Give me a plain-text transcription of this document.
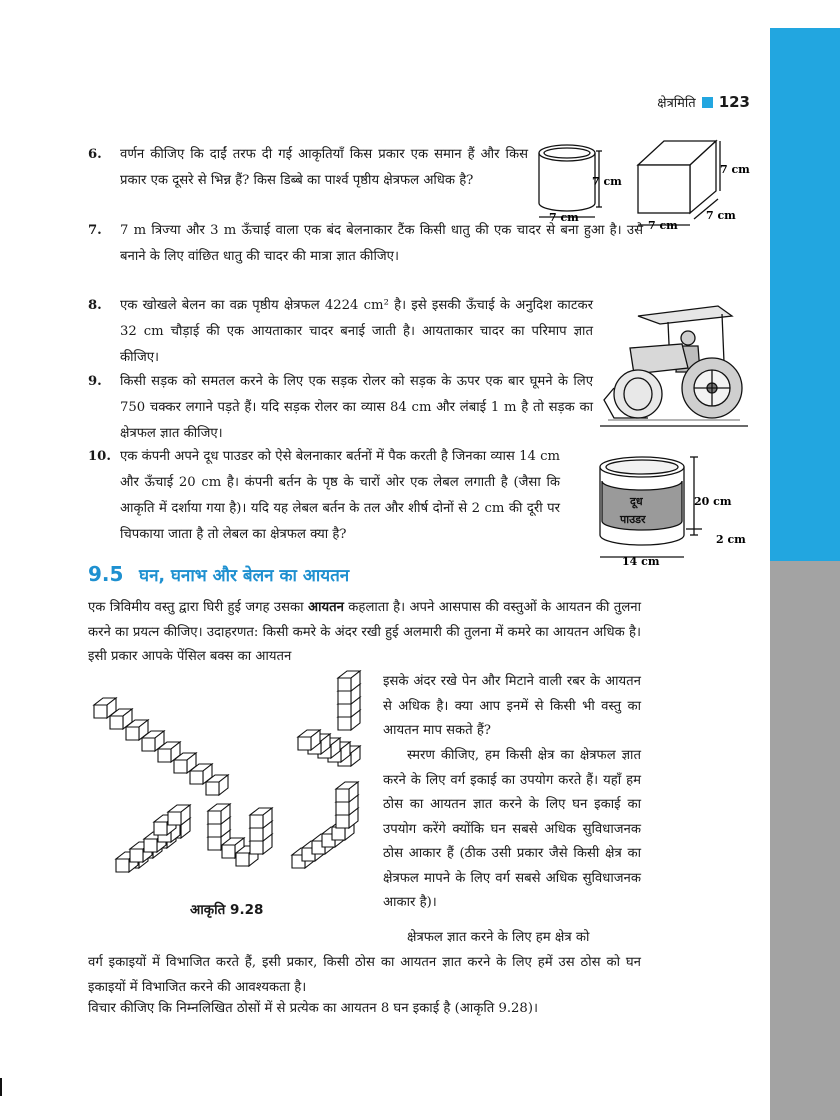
क्षेत्रमिति 123
6.	वर्णन कीजिए कि दाईं तरफ दी गई आकृतियाँ किस प्रकार एक समान हैं और किस प्रकार एक दूसरे से भिन्न हैं? किस डिब्बे का पार्श्व पृष्ठीय क्षेत्रफल अधिक है?
7.	7 m त्रिज्या और 3 m ऊँचाई वाला एक बंद बेलनाकार टैंक किसी धातु की एक चादर से बना हुआ है। उसे बनाने के लिए वांछित धातु की चादर की मात्रा ज्ञात कीजिए।
8.	एक खोखले बेलन का वक्र पृष्ठीय क्षेत्रफल 4224 cm² है। इसे इसकी ऊँचाई के अनुदिश काटकर 32 cm चौड़ाई की एक आयताकार चादर बनाई जाती है। आयताकार चादर का परिमाप ज्ञात कीजिए।
9.	किसी सड़क को समतल करने के लिए एक सड़क रोलर को सड़क के ऊपर एक बार घूमने के लिए 750 चक्कर लगाने पड़ते हैं। यदि सड़क रोलर का व्यास 84 cm और लंबाई 1 m है तो सड़क का क्षेत्रफल ज्ञात कीजिए।
10. एक कंपनी अपने दूध पाउडर को ऐसे बेलनाकार बर्तनों में पैक करती है जिनका व्यास 14 cm और ऊँचाई 20 cm है। कंपनी बर्तन के पृष्ठ के चारों ओर एक लेबल लगाती है (जैसा कि आकृति में दर्शाया गया है)। यदि यह लेबल बर्तन के तल और शीर्ष दोनों से 2 cm की दूरी पर चिपकाया जाता है तो लेबल का क्षेत्रफल क्या है?
7 cm
7 cm
7 cm
7 cm
7 cm
दूध
पाउडर
20 cm
2 cm
14 cm
9.5 घन, घनाभ और बेलन का आयतन
एक त्रिविमीय वस्तु द्वारा घिरी हुई जगह उसका आयतन कहलाता है। अपने आसपास की वस्तुओं के आयतन की तुलना करने का प्रयत्न कीजिए। उदाहरणत: किसी कमरे के अंदर रखी हुई अलमारी की तुलना में कमरे का आयतन अधिक है। इसी प्रकार आपके पेंसिल बक्स का आयतन
इसके अंदर रखे पेन और मिटाने वाली रबर के आयतन से अधिक है। क्या आप इनमें से किसी भी वस्तु का आयतन माप सकते हैं?
स्मरण कीजिए, हम किसी क्षेत्र का क्षेत्रफल ज्ञात करने के लिए वर्ग इकाई का उपयोग करते हैं। यहाँ हम ठोस का आयतन ज्ञात करने के लिए घन इकाई का उपयोग करेंगे क्योंकि घन सबसे अधिक सुविधाजनक ठोस आकार हैं (ठीक उसी प्रकार जैसे किसी क्षेत्र का क्षेत्रफल मापने के लिए वर्ग सबसे अधिक सुविधाजनक आकार है)।
क्षेत्रफल ज्ञात करने के लिए हम क्षेत्र को
वर्ग इकाइयों में विभाजित करते हैं, इसी प्रकार, किसी ठोस का आयतन ज्ञात करने के लिए हमें उस ठोस को घन इकाइयों में विभाजित करने की आवश्यकता है।
विचार कीजिए कि निम्नलिखित ठोसों में से प्रत्येक का आयतन 8 घन इकाई है (आकृति 9.28)।
आकृति 9.28
